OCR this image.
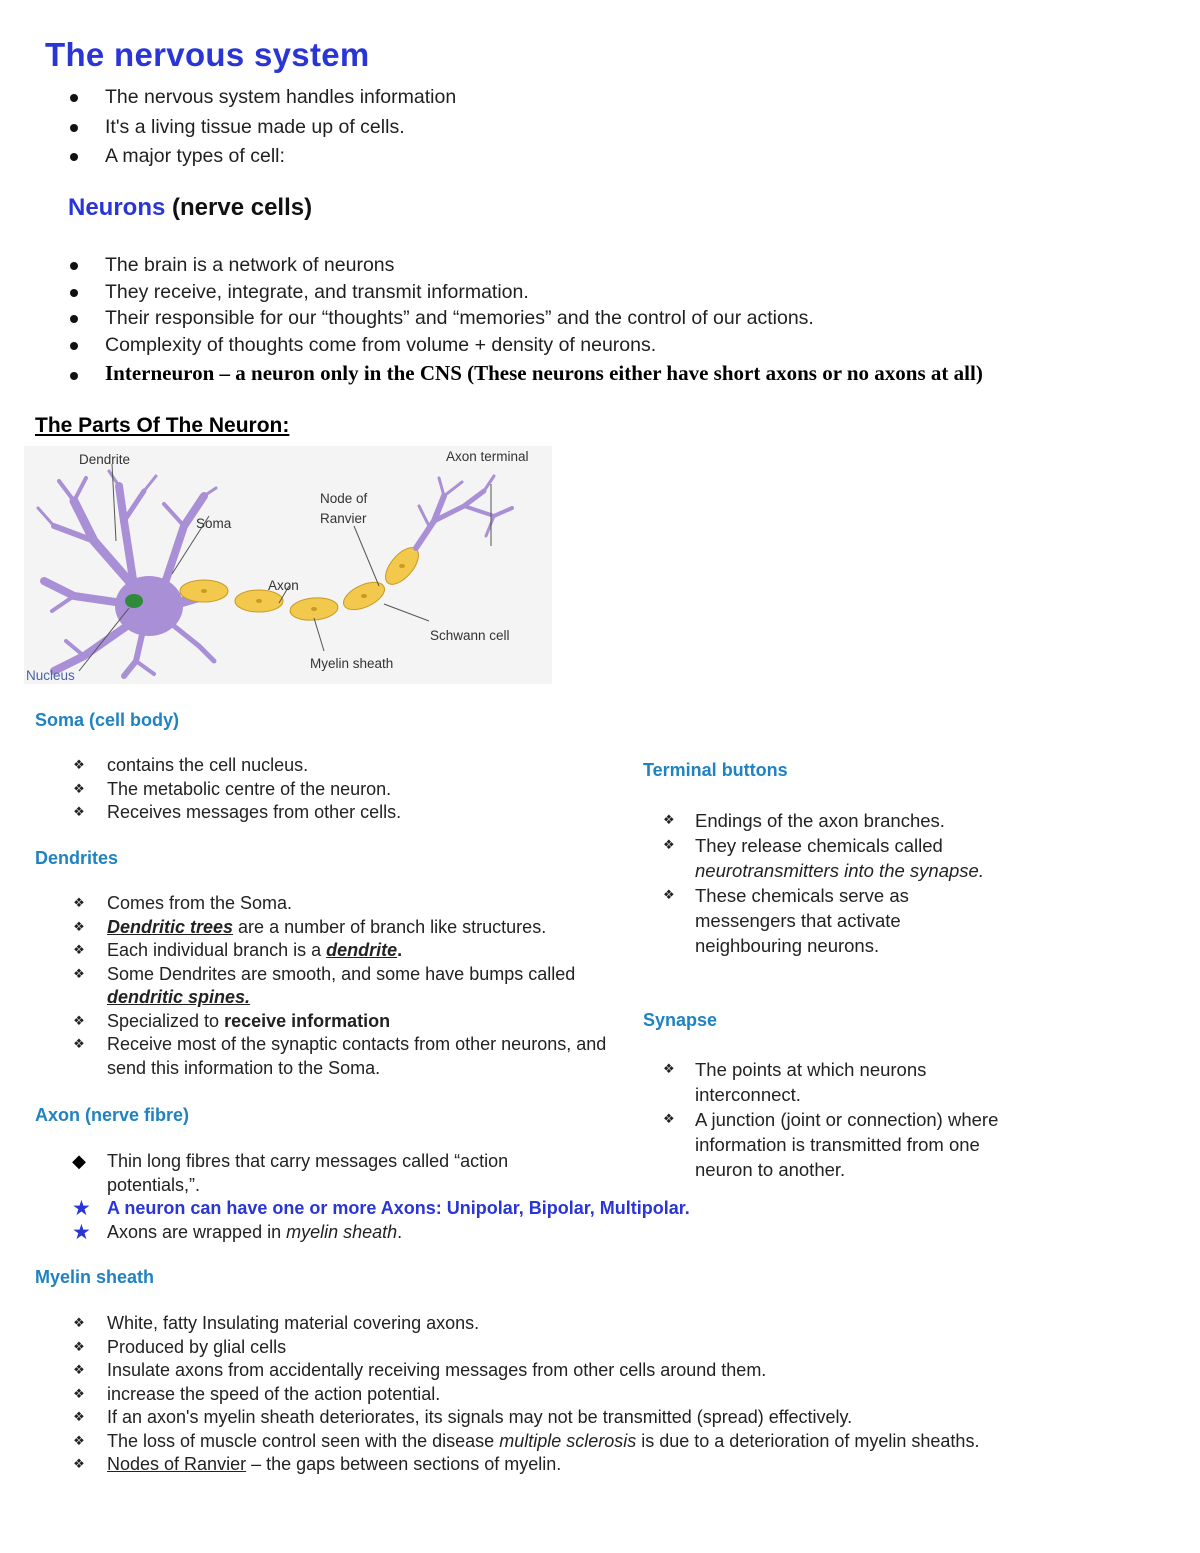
The nervous system
The nervous system handles information
It's a living tissue made up of cells.
A major types of cell:
Neurons (nerve cells)
The brain is a network of neurons
They receive, integrate, and transmit information.
Their responsible for our “thoughts” and “memories” and the control of our actions.
Complexity of thoughts come from volume + density of neurons.
Interneuron – a neuron only in the CNS (These neurons either have short axons or no axons at all)
The Parts Of The Neuron:
Dendrite
Soma
Axon terminal
Node of
Ranvier
Axon
Schwann cell
Myelin sheath
Nucleus
Soma (cell body)
❖ contains the cell nucleus.
❖ The metabolic centre of the neuron.
❖ Receives messages from other cells.
Dendrites
❖ Comes from the Soma.
❖ Dendritic trees are a number of branch like structures.
❖ Each individual branch is a dendrite.
❖ Some Dendrites are smooth, and some have bumps called dendritic spines.
❖ Specialized to receive information
❖ Receive most of the synaptic contacts from other neurons, and send this information to the Soma.
Axon (nerve fibre)
◆ Thin long fibres that carry messages called “action potentials,”.
★ A neuron can have one or more Axons: Unipolar, Bipolar, Multipolar.
★ Axons are wrapped in myelin sheath.
Myelin sheath
❖ White, fatty Insulating material covering axons.
❖ Produced by glial cells
❖ Insulate axons from accidentally receiving messages from other cells around them.
❖ increase the speed of the action potential.
❖ If an axon's myelin sheath deteriorates, its signals may not be transmitted (spread) effectively.
❖ The loss of muscle control seen with the disease multiple sclerosis is due to a deterioration of myelin sheaths.
❖ Nodes of Ranvier – the gaps between sections of myelin.
Terminal buttons
❖ Endings of the axon branches.
❖ They release chemicals called neurotransmitters into the synapse.
❖ These chemicals serve as messengers that activate neighbouring neurons.
Synapse
❖ The points at which neurons interconnect.
❖ A junction (joint or connection) where information is transmitted from one neuron to another.
